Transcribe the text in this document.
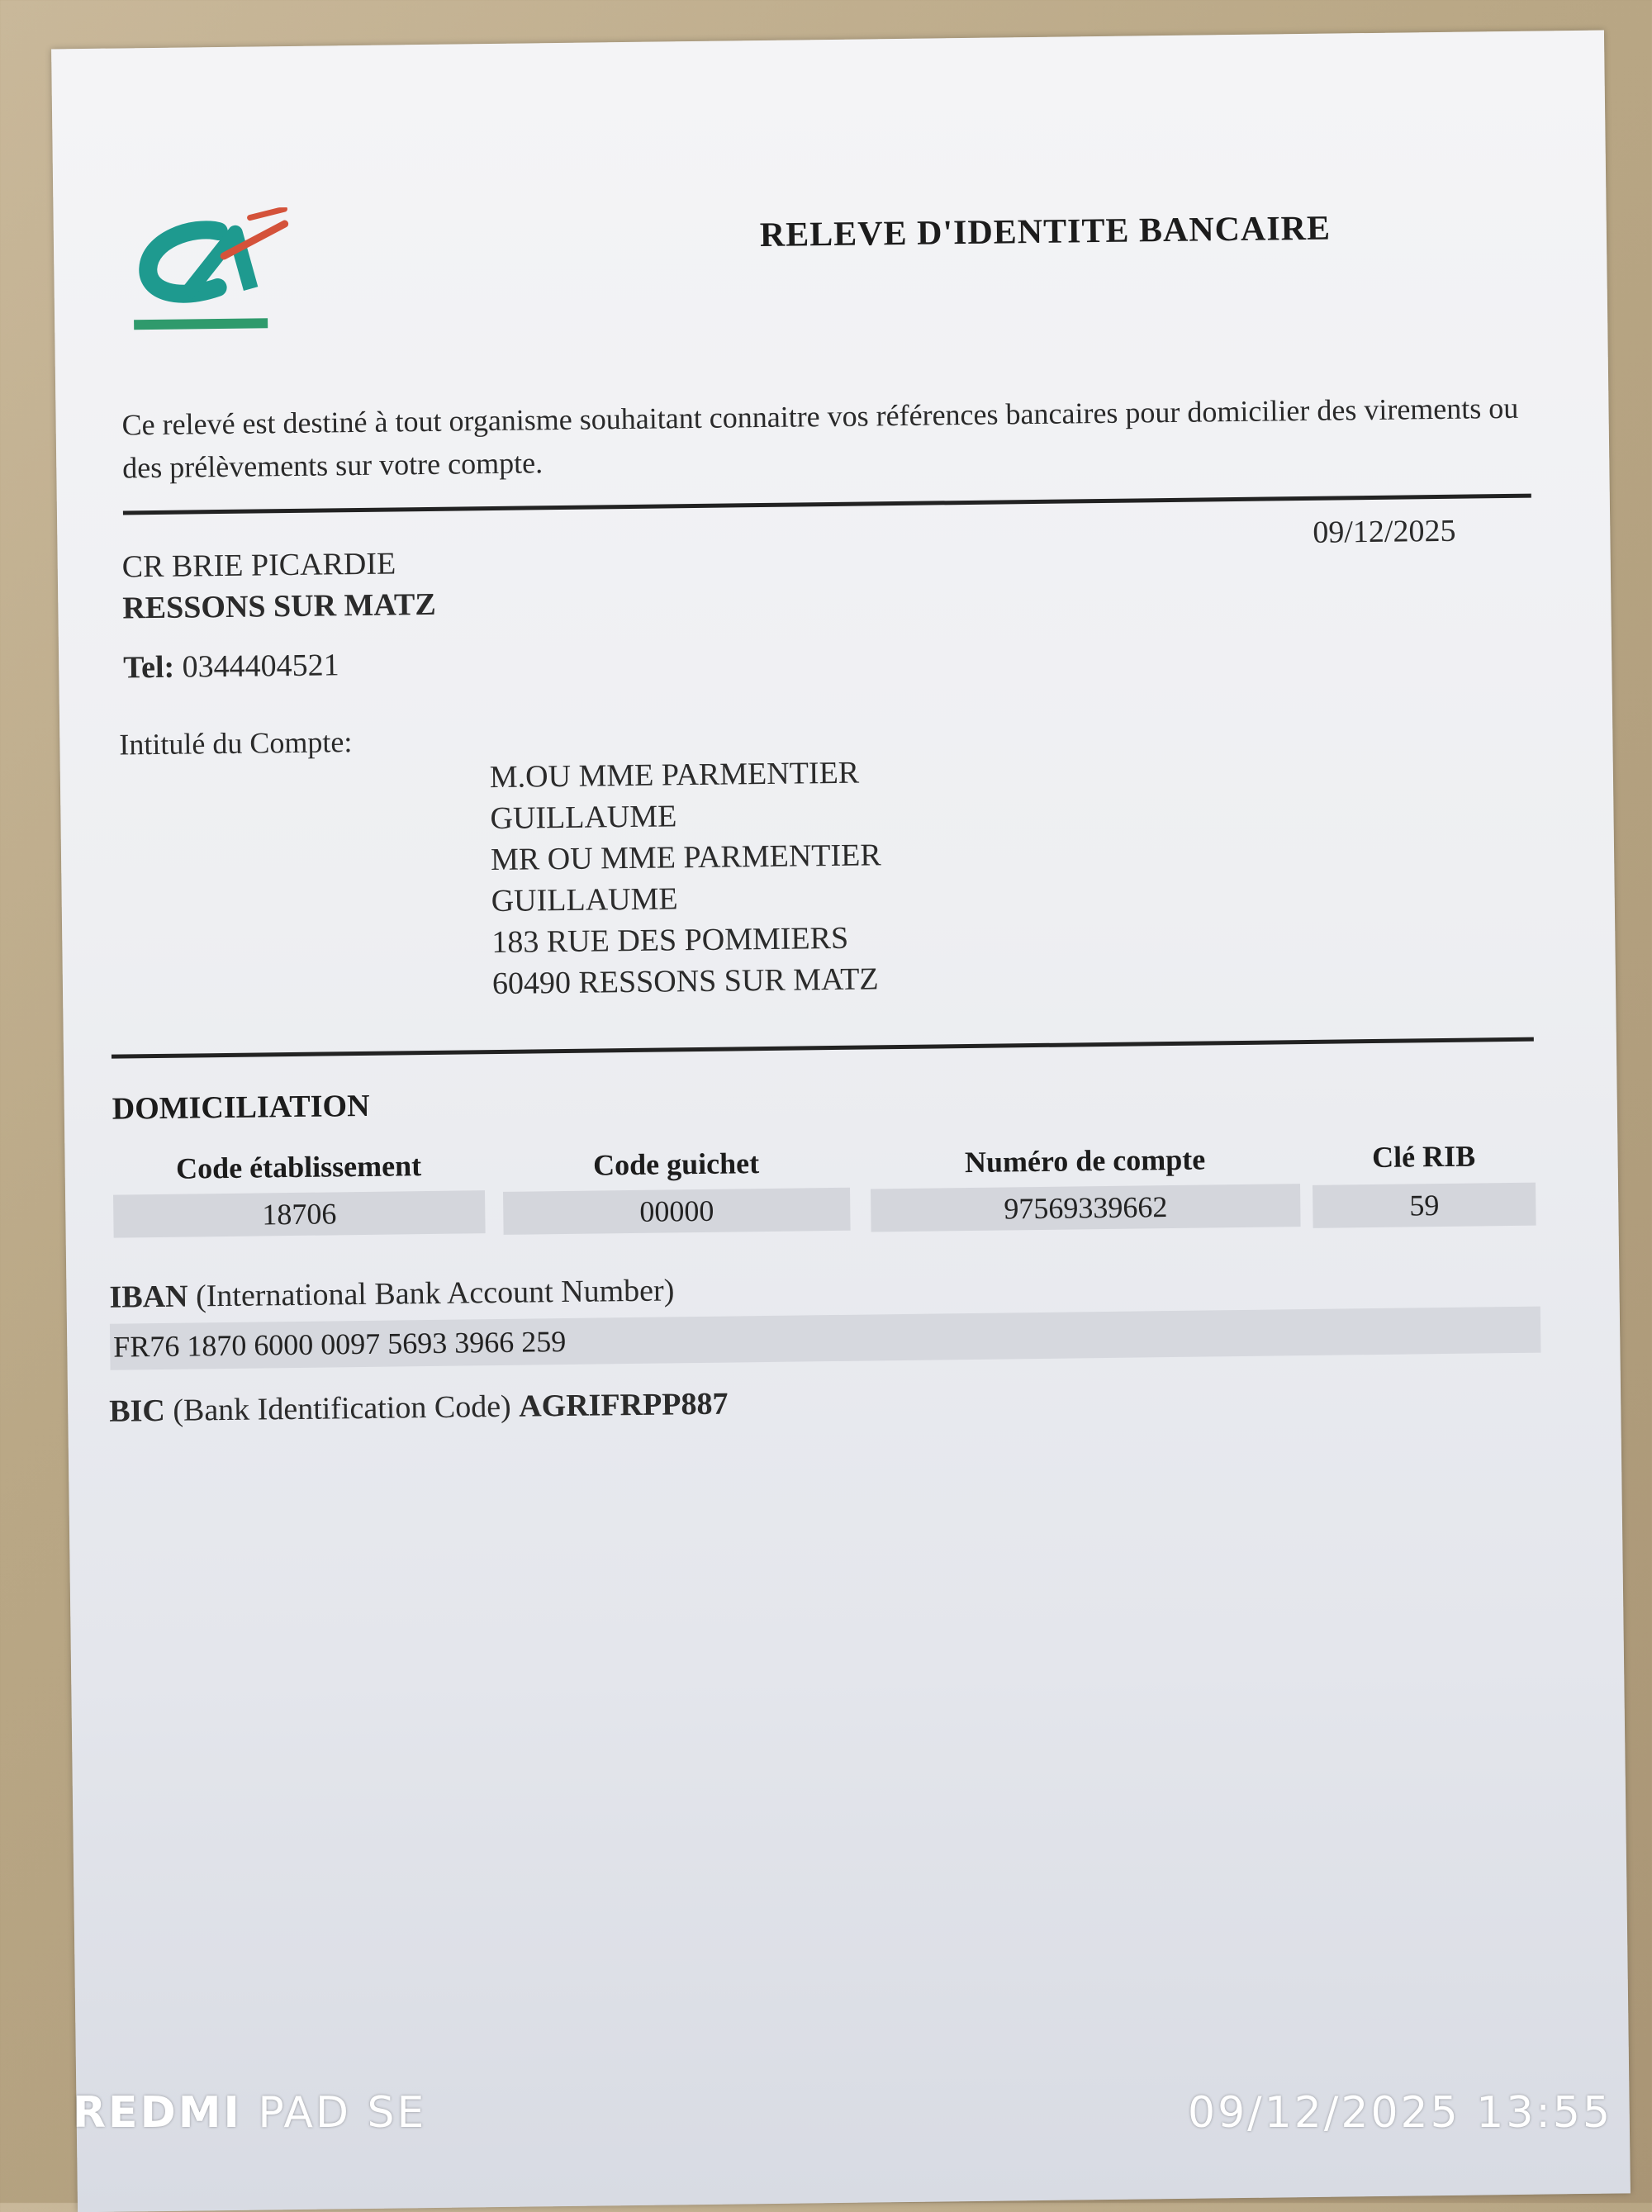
RELEVE D'IDENTITE BANCAIRE
Ce relevé est destiné à tout organisme souhaitant connaitre vos références bancaires pour domicilier des virements ou des prélèvements sur votre compte.
CR BRIE PICARDIE
RESSONS SUR MATZ
Tel: 0344404521
09/12/2025
Intitulé du Compte:
M.OU MME PARMENTIER
GUILLAUME
MR OU MME PARMENTIER
GUILLAUME
183 RUE DES POMMIERS
60490 RESSONS SUR MATZ
DOMICILIATION
Code établissement	Code guichet	Numéro de compte	Clé RIB
18706	00000	97569339662	59
IBAN (International Bank Account Number)
FR76 1870 6000 0097 5693 3966 259
BIC (Bank Identification Code) AGRIFRPP887
REDMI PAD SE	09/12/2025 13:55
